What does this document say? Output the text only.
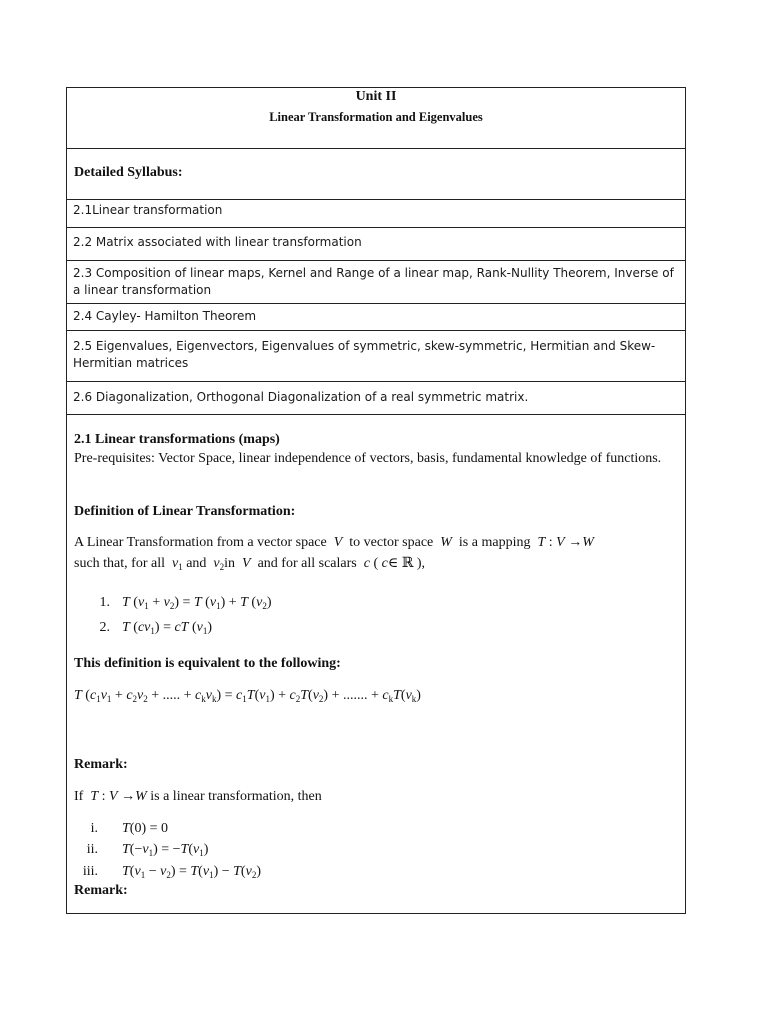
Unit II
Linear Transformation and Eigenvalues
Detailed Syllabus:
2.1Linear transformation
2.2 Matrix associated with linear transformation
2.3 Composition of linear maps, Kernel and Range of a linear map, Rank-Nullity Theorem, Inverse of a linear transformation
2.4 Cayley- Hamilton Theorem
2.5 Eigenvalues, Eigenvectors, Eigenvalues of symmetric, skew-symmetric, Hermitian and Skew-Hermitian matrices
2.6 Diagonalization, Orthogonal Diagonalization of a real symmetric matrix.
2.1 Linear transformations (maps)
Pre-requisites: Vector Space, linear independence of vectors, basis, fundamental knowledge of functions.
Definition of Linear Transformation:
A Linear Transformation from a vector space  V  to vector space  W  is a mapping  T : V →W
such that, for all  $v_1$ and  $v_2in$  V  and for all scalars  c ( c∈ ℝ ),
1. T $(v_1 + v_2) = T$ $(v_1) + T$ $(v_2)$
2. T $(cv_1)$ = cT $(v_1)$
This definition is equivalent to the following:
T ($c_1v_1 + c_2v_2$ + ..... + $c_kv_k) = c_1T(v_1) + c_2T(v_2)$ + ....... + $c_kT(v_k)$
Remark:
If  T : V →W is a linear transformation, then
i. T(0) = 0
ii. $T(-v_1) = -T(v_1)$
iii. $T(v_1 - v_2) = T(v_1) - T(v_2)$
Remark:
